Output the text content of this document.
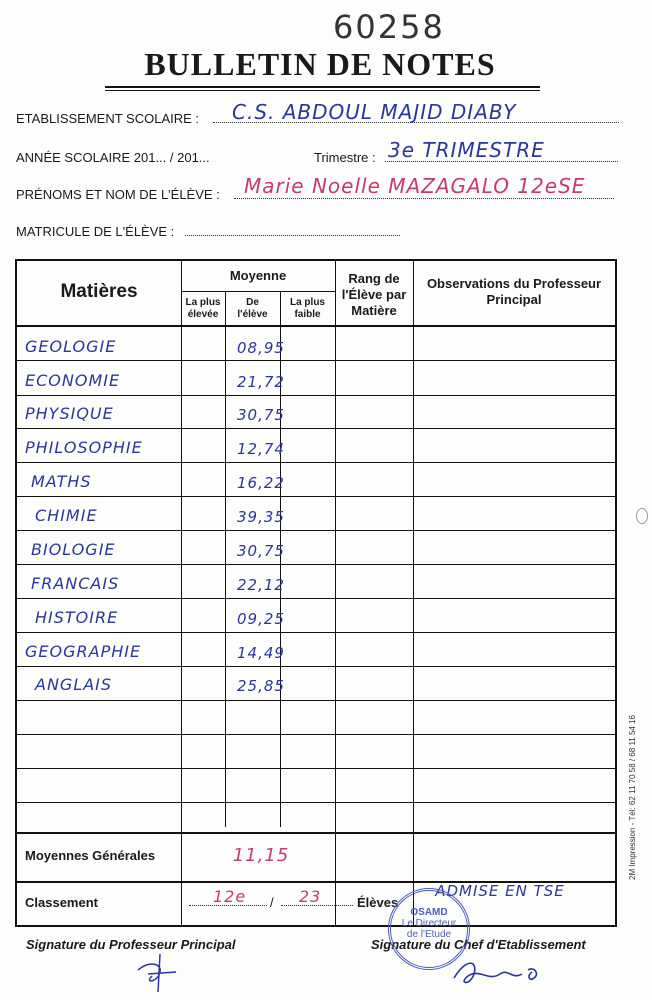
60258
BULLETIN DE NOTES
ETABLISSEMENT SCOLAIRE : C.S. ABDOUL MAJID DIABY
ANNÉE SCOLAIRE 201... / 201...	Trimestre : 3e TRIMESTRE
PRÉNOMS ET NOM DE L'ÉLÈVE : Marie Noelle MAZAGALO 12eSE
MATRICULE DE L'ÉLÈVE :
Matières
Moyenne
La plus
élevée
De
l'élève
La plus
faible
Rang de
l'Élève par
Matière
Observations du Professeur
Principal
GEOLOGIE	08,95
ECONOMIE	21,72
PHYSIQUE	30,75
PHILOSOPHIE	12,74
MATHS	16,22
CHIMIE	39,35
BIOLOGIE	30,75
FRANCAIS	22,12
HISTOIRE	09,25
GEOGRAPHIE	14,49
ANGLAIS	25,85
Moyennes Générales	11,15
Classement	12e / 23	Élèves
ADMISE EN TSE
Signature du Professeur Principal	Signature du Chef d'Etablissement
OSAMD
Le Directeur
de l'Etude
2M Impression - Tél: 62 11 70 58 / 68 11 54 16
